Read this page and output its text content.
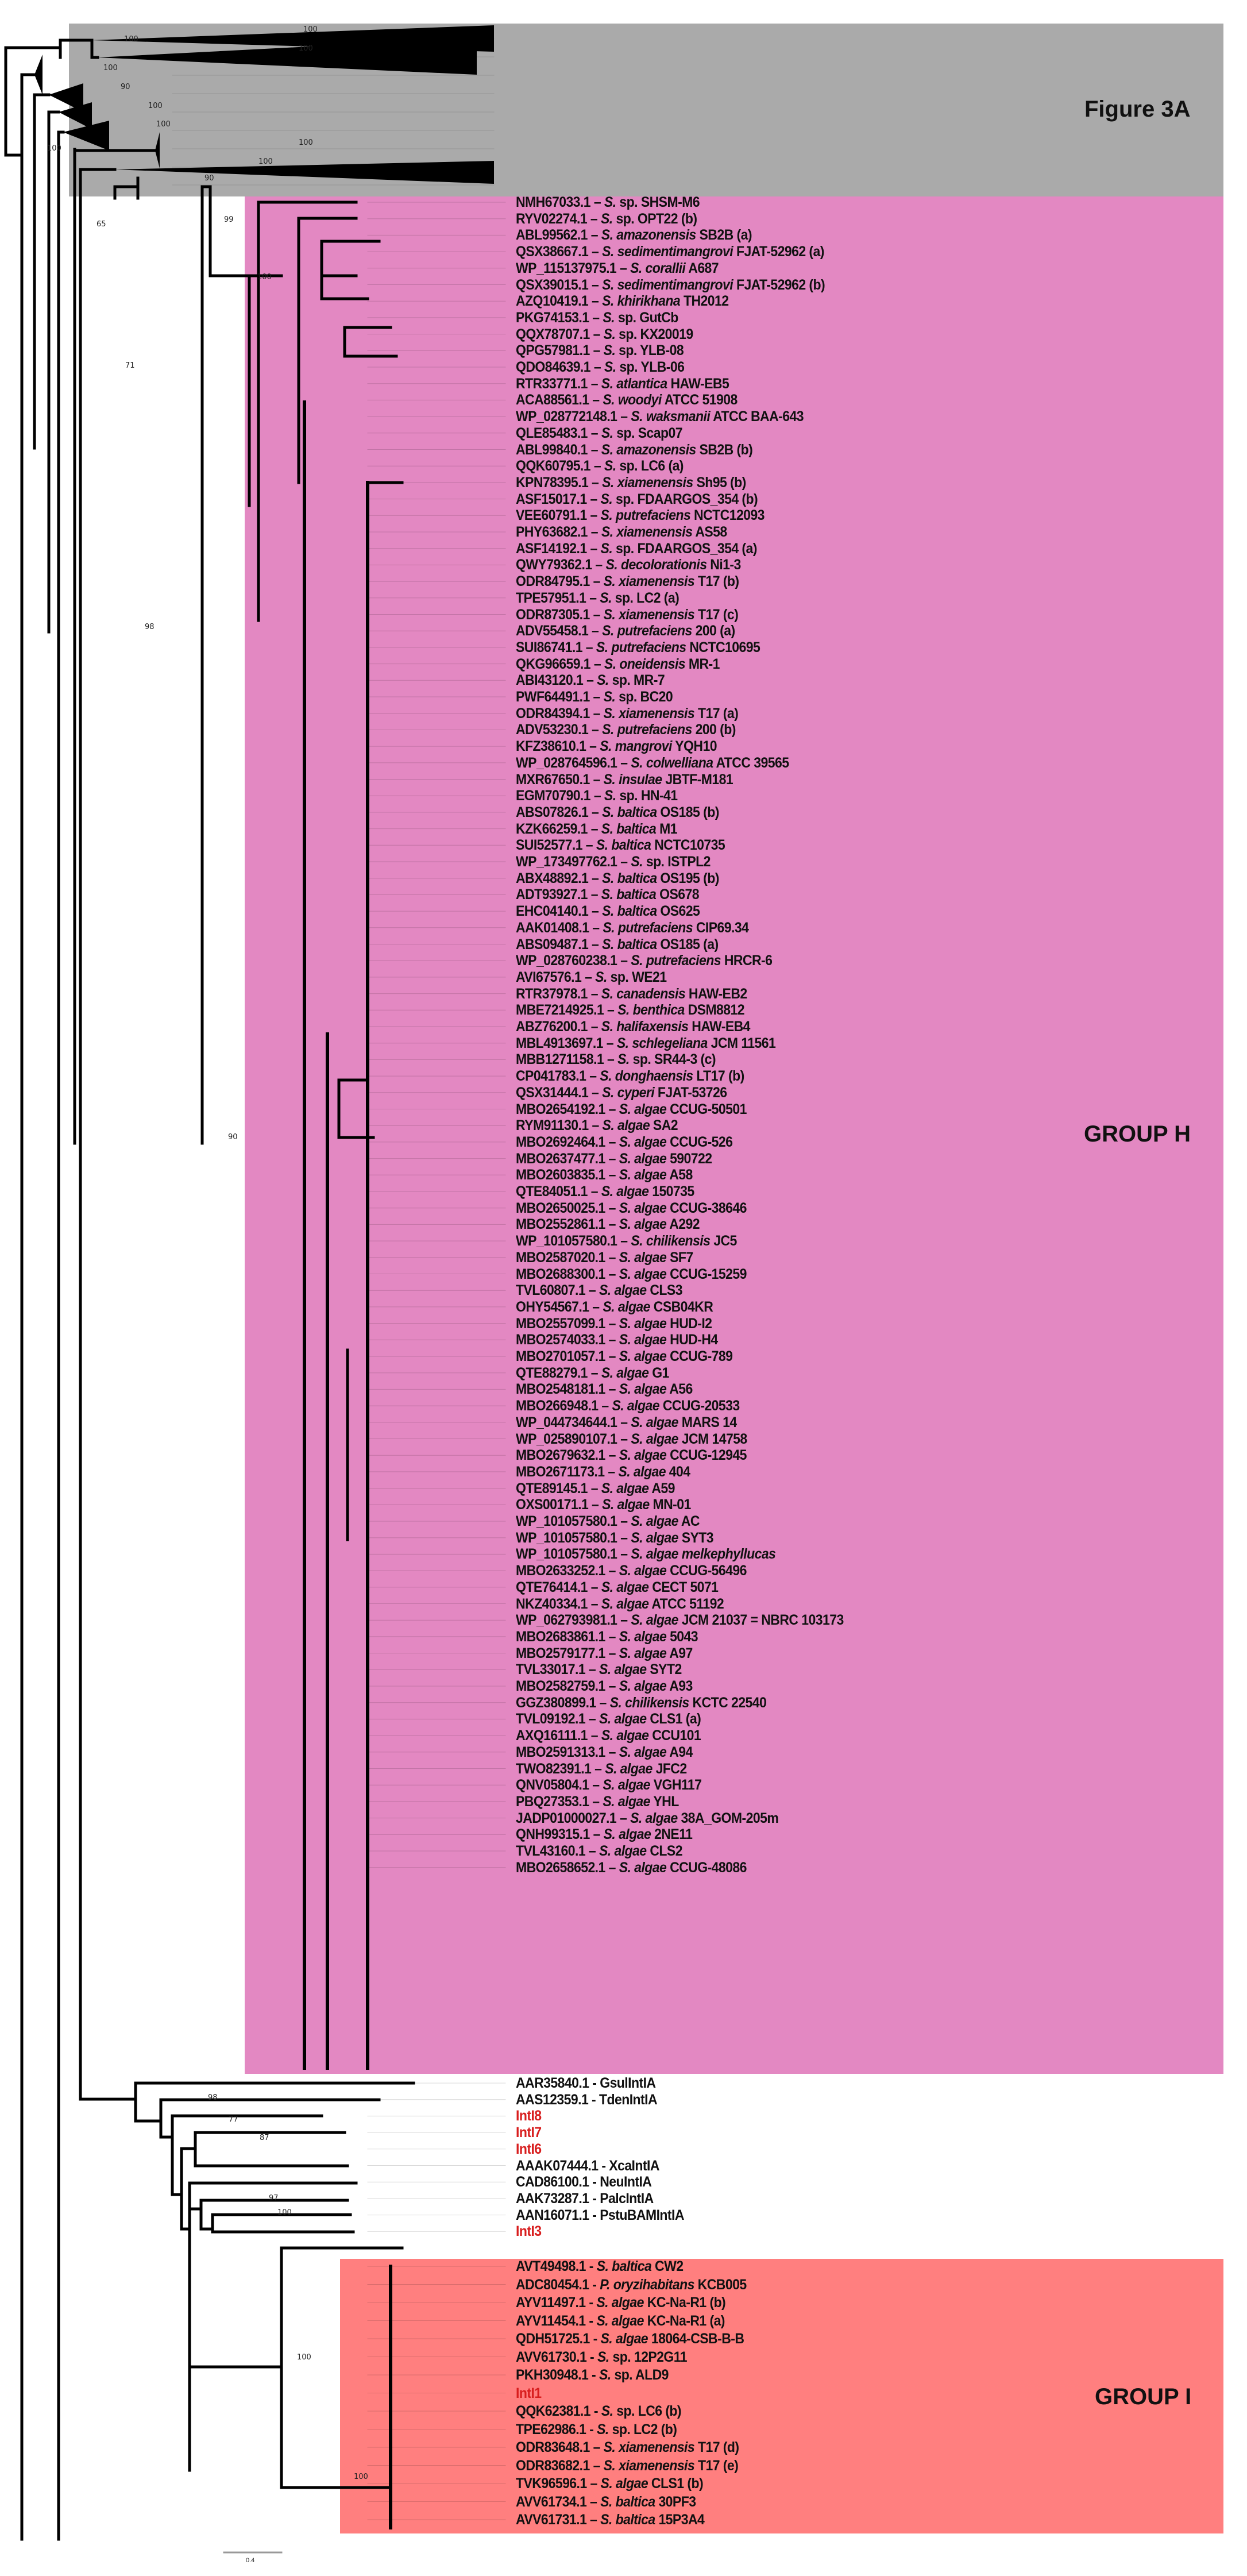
100
100
100
100
90
100
100
100
100
100
90
99
65
100
71
98
90
98
77
87
97
100
100
100
Figure 3A
GROUP H
GROUP I
NMH67033.1 – S. sp. SHSM-M6
RYV02274.1 – S. sp. OPT22 (b)
ABL99562.1 – S. amazonensis SB2B (a)
QSX38667.1 – S. sedimentimangrovi FJAT-52962 (a)
WP_115137975.1 – S. corallii A687
QSX39015.1 – S. sedimentimangrovi FJAT-52962 (b)
AZQ10419.1 – S. khirikhana TH2012
PKG74153.1 – S. sp. GutCb
QQX78707.1 – S. sp. KX20019
QPG57981.1 – S. sp. YLB-08
QDO84639.1 – S. sp. YLB-06
RTR33771.1 – S. atlantica HAW-EB5
ACA88561.1 – S. woodyi ATCC 51908
WP_028772148.1 – S. waksmanii ATCC BAA-643
QLE85483.1 – S. sp. Scap07
ABL99840.1 – S. amazonensis SB2B (b)
QQK60795.1 – S. sp. LC6 (a)
KPN78395.1 – S. xiamenensis Sh95 (b)
ASF15017.1 – S. sp. FDAARGOS_354 (b)
VEE60791.1 – S. putrefaciens NCTC12093
PHY63682.1 – S. xiamenensis AS58
ASF14192.1 – S. sp. FDAARGOS_354 (a)
QWY79362.1 – S. decolorationis Ni1-3
ODR84795.1 – S. xiamenensis T17 (b)
TPE57951.1 – S. sp. LC2 (a)
ODR87305.1 – S. xiamenensis T17 (c)
ADV55458.1 – S. putrefaciens 200 (a)
SUI86741.1 – S. putrefaciens NCTC10695
QKG96659.1 – S. oneidensis MR-1
ABI43120.1 – S. sp. MR-7
PWF64491.1 – S. sp. BC20
ODR84394.1 – S. xiamenensis T17 (a)
ADV53230.1 – S. putrefaciens 200 (b)
KFZ38610.1 – S. mangrovi YQH10
WP_028764596.1 – S. colwelliana ATCC 39565
MXR67650.1 – S. insulae JBTF-M181
EGM70790.1 – S. sp. HN-41
ABS07826.1 – S. baltica OS185 (b)
KZK66259.1 – S. baltica M1
SUI52577.1 – S. baltica NCTC10735
WP_173497762.1 – S. sp. ISTPL2
ABX48892.1 – S. baltica OS195 (b)
ADT93927.1 – S. baltica OS678
EHC04140.1 – S. baltica OS625
AAK01408.1 – S. putrefaciens CIP69.34
ABS09487.1 – S. baltica OS185 (a)
WP_028760238.1 – S. putrefaciens HRCR-6
AVI67576.1 – S. sp. WE21
RTR37978.1 – S. canadensis HAW-EB2
MBE7214925.1 – S. benthica DSM8812
ABZ76200.1 – S. halifaxensis HAW-EB4
MBL4913697.1 – S. schlegeliana JCM 11561
MBB1271158.1 – S. sp. SR44-3 (c)
CP041783.1 – S. donghaensis LT17 (b)
QSX31444.1 – S. cyperi FJAT-53726
MBO2654192.1 – S. algae CCUG-50501
RYM91130.1 – S. algae SA2
MBO2692464.1 – S. algae CCUG-526
MBO2637477.1 – S. algae 590722
MBO2603835.1 – S. algae A58
QTE84051.1 – S. algae 150735
MBO2650025.1 – S. algae CCUG-38646
MBO2552861.1 – S. algae A292
WP_101057580.1 – S. chilikensis JC5
MBO2587020.1 – S. algae SF7
MBO2688300.1 – S. algae CCUG-15259
TVL60807.1 – S. algae CLS3
OHY54567.1 – S. algae CSB04KR
MBO2557099.1 – S. algae HUD-I2
MBO2574033.1 – S. algae HUD-H4
MBO2701057.1 – S. algae CCUG-789
QTE88279.1 – S. algae G1
MBO2548181.1 – S. algae A56
MBO266948.1 – S. algae CCUG-20533
WP_044734644.1 – S. algae MARS 14
WP_025890107.1 – S. algae JCM 14758
MBO2679632.1 – S. algae CCUG-12945
MBO2671173.1 – S. algae 404
QTE89145.1 – S. algae A59
OXS00171.1 – S. algae MN-01
WP_101057580.1 – S. algae AC
WP_101057580.1 – S. algae SYT3
WP_101057580.1 – S. algae melkephyllucas
MBO2633252.1 – S. algae CCUG-56496
QTE76414.1 – S. algae CECT 5071
NKZ40334.1 – S. algae ATCC 51192
WP_062793981.1 – S. algae JCM 21037 = NBRC 103173
MBO2683861.1 – S. algae 5043
MBO2579177.1 – S. algae A97
TVL33017.1 – S. algae SYT2
MBO2582759.1 – S. algae A93
GGZ380899.1 – S. chilikensis KCTC 22540
TVL09192.1 – S. algae CLS1 (a)
AXQ16111.1 – S. algae CCU101
MBO2591313.1 – S. algae A94
TWO82391.1 – S. algae JFC2
QNV05804.1 – S. algae VGH117
PBQ27353.1 – S. algae YHL
JADP01000027.1 – S. algae 38A_GOM-205m
QNH99315.1 – S. algae 2NE11
TVL43160.1 – S. algae CLS2
MBO2658652.1 – S. algae CCUG-48086
AAR35840.1 - GsulIntIA
AAS12359.1 - TdenIntIA
IntI8
IntI7
IntI6
AAAK07444.1 - XcaIntIA
CAD86100.1 - NeuIntIA
AAK73287.1 - PalcIntIA
AAN16071.1 - PstuBAMIntIA
IntI3
AVT49498.1 - S. baltica CW2
ADC80454.1 - P. oryzihabitans KCB005
AYV11497.1 - S. algae KC-Na-R1 (b)
AYV11454.1 - S. algae KC-Na-R1 (a)
QDH51725.1 - S. algae 18064-CSB-B-B
AVV61730.1 - S. sp. 12P2G11
PKH30948.1 - S. sp. ALD9
IntI1
QQK62381.1 - S. sp. LC6 (b)
TPE62986.1 - S. sp. LC2 (b)
ODR83648.1 – S. xiamenensis T17 (d)
ODR83682.1 – S. xiamenensis T17 (e)
TVK96596.1 – S. algae CLS1 (b)
AVV61734.1 – S. baltica 30PF3
AVV61731.1 – S. baltica 15P3A4
0.4
